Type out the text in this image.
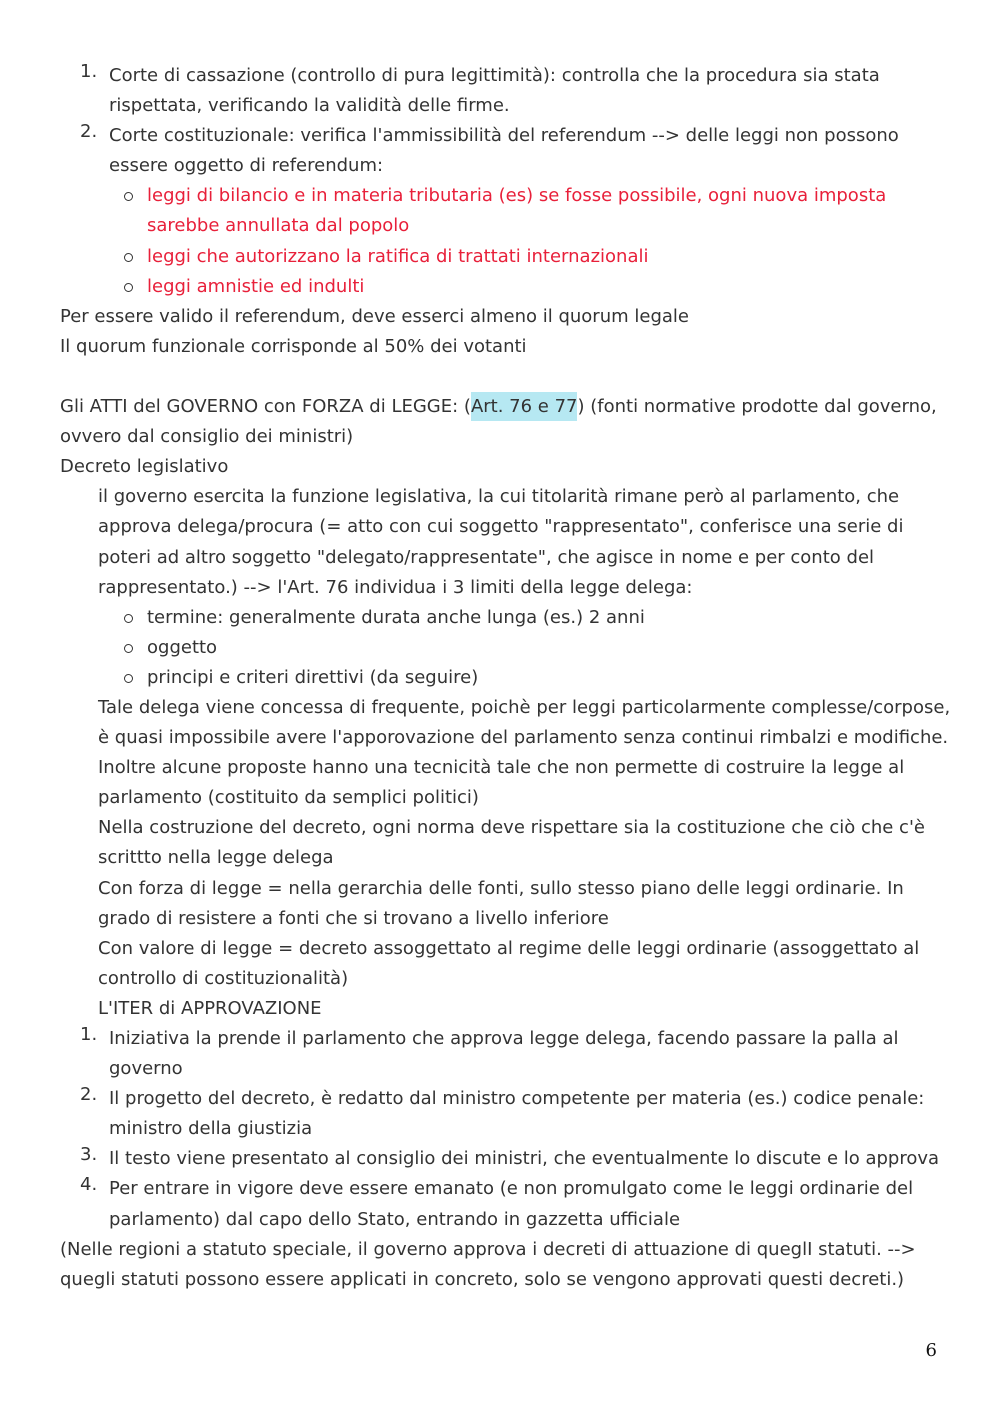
1. Corte di cassazione (controllo di pura legittimità): controlla che la procedura sia stata
rispettata, verificando la validità delle firme.
2. Corte costituzionale: verifica l'ammissibilità del referendum --> delle leggi non possono
essere oggetto di referendum:
leggi di bilancio e in materia tributaria (es) se fosse possibile, ogni nuova imposta
sarebbe annullata dal popolo
leggi che autorizzano la ratifica di trattati internazionali
leggi amnistie ed indulti
Per essere valido il referendum, deve esserci almeno il quorum legale
Il quorum funzionale corrisponde al 50% dei votanti
Gli ATTI del GOVERNO con FORZA di LEGGE: (Art. 76 e 77) (fonti normative prodotte dal governo,
ovvero dal consiglio dei ministri)
Decreto legislativo
il governo esercita la funzione legislativa, la cui titolarità rimane però al parlamento, che
approva delega/procura (= atto con cui soggetto "rappresentato", conferisce una serie di
poteri ad altro soggetto "delegato/rappresentate", che agisce in nome e per conto del
rappresentato.) --> l'Art. 76 individua i 3 limiti della legge delega:
termine: generalmente durata anche lunga (es.) 2 anni
oggetto
principi e criteri direttivi (da seguire)
Tale delega viene concessa di frequente, poichè per leggi particolarmente complesse/corpose,
è quasi impossibile avere l'apporovazione del parlamento senza continui rimbalzi e modifiche.
Inoltre alcune proposte hanno una tecnicità tale che non permette di costruire la legge al
parlamento (costituito da semplici politici)
Nella costruzione del decreto, ogni norma deve rispettare sia la costituzione che ciò che c'è
scrittto nella legge delega
Con forza di legge = nella gerarchia delle fonti, sullo stesso piano delle leggi ordinarie. In
grado di resistere a fonti che si trovano a livello inferiore
Con valore di legge = decreto assoggettato al regime delle leggi ordinarie (assoggettato al
controllo di costituzionalità)
L'ITER di APPROVAZIONE
1. Iniziativa la prende il parlamento che approva legge delega, facendo passare la palla al
governo
2. Il progetto del decreto, è redatto dal ministro competente per materia (es.) codice penale:
ministro della giustizia
3. Il testo viene presentato al consiglio dei ministri, che eventualmente lo discute e lo approva
4. Per entrare in vigore deve essere emanato (e non promulgato come le leggi ordinarie del
parlamento) dal capo dello Stato, entrando in gazzetta ufficiale
(Nelle regioni a statuto speciale, il governo approva i decreti di attuazione di queglI statuti. -->
quegli statuti possono essere applicati in concreto, solo se vengono approvati questi decreti.)
6
